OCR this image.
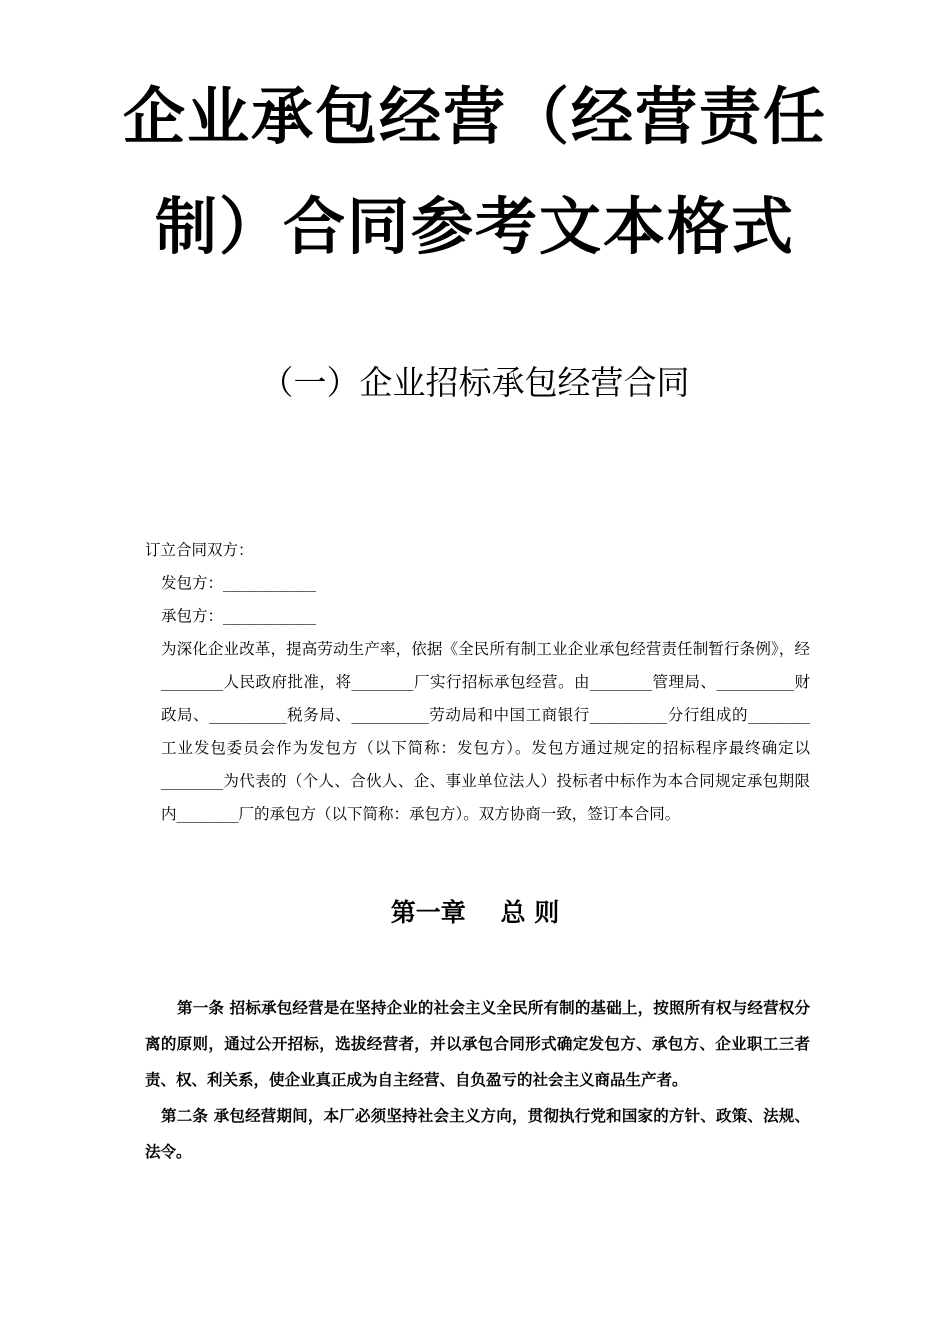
企业承包经营（经营责任
制）合同参考文本格式
（一）企业招标承包经营合同

订立合同双方：

发包方：____________

承包方：____________

为深化企业改革，提高劳动生产率，依据《全民所有制工业企业承包经营责任制暂行条例》，经________人民政府批准，将________厂实行招标承包经营。由________管理局、__________财政局、__________税务局、__________劳动局和中国工商银行__________分行组成的________工业发包委员会作为发包方（以下简称：发包方）。发包方通过规定的招标程序最终确定以________为代表的（个人、合伙人、企、事业单位法人）投标者中标作为本合同规定承包期限内________厂的承包方（以下简称：承包方）。双方协商一致，签订本合同。

第一章    总 则

第一条 招标承包经营是在坚持企业的社会主义全民所有制的基础上，按照所有权与经营权分离的原则，通过公开招标，选拔经营者，并以承包合同形式确定发包方、承包方、企业职工三者责、权、利关系，使企业真正成为自主经营、自负盈亏的社会主义商品生产者。

第二条 承包经营期间，本厂必须坚持社会主义方向，贯彻执行党和国家的方针、政策、法规、法令。
